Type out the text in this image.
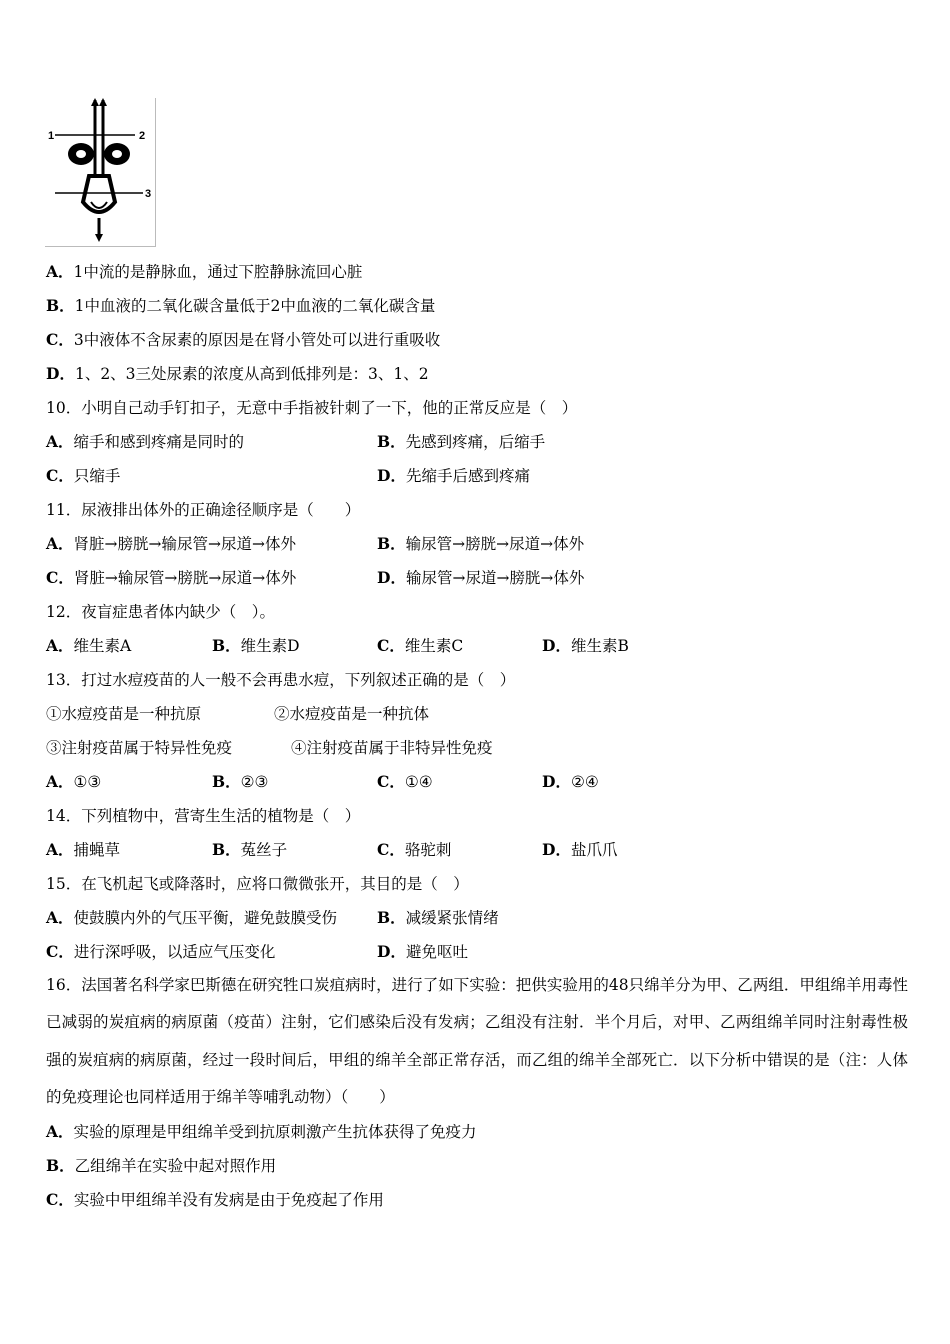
1	2
3
A．1中流的是静脉血，通过下腔静脉流回心脏
B．1中血液的二氧化碳含量低于2中血液的二氧化碳含量
C．3中液体不含尿素的原因是在肾小管处可以进行重吸收
D．1、2、3三处尿素的浓度从高到低排列是：3、1、2
10．小明自己动手钉扣子，无意中手指被针刺了一下，他的正常反应是（　）
A．缩手和感到疼痛是同时的	B．先感到疼痛，后缩手
C．只缩手	D．先缩手后感到疼痛
11．尿液排出体外的正确途径顺序是（　　）
A．肾脏→膀胱→输尿管→尿道→体外	B．输尿管→膀胱→尿道→体外
C．肾脏→输尿管→膀胱→尿道→体外	D．输尿管→尿道→膀胱→体外
12．夜盲症患者体内缺少（　）。
A．维生素A	B．维生素D	C．维生素C	D．维生素B
13．打过水痘疫苗的人一般不会再患水痘，下列叙述正确的是（　）
①水痘疫苗是一种抗原	②水痘疫苗是一种抗体
③注射疫苗属于特异性免疫	④注射疫苗属于非特异性免疫
A．①③	B．②③	C．①④	D．②④
14．下列植物中，营寄生生活的植物是（　）
A．捕蝇草	B．菟丝子	C．骆驼刺	D．盐爪爪
15．在飞机起飞或降落时，应将口微微张开，其目的是（　）
A．使鼓膜内外的气压平衡，避免鼓膜受伤	B．减缓紧张情绪
C．进行深呼吸，以适应气压变化	D．避免呕吐
16．法国著名科学家巴斯德在研究牲口炭疽病时，进行了如下实验：把供实验用的48只绵羊分为甲、乙两组．甲组绵羊用毒性已减弱的炭疽病的病原菌（疫苗）注射，它们感染后没有发病；乙组没有注射．半个月后，对甲、乙两组绵羊同时注射毒性极强的炭疽病的病原菌，经过一段时间后，甲组的绵羊全部正常存活，而乙组的绵羊全部死亡．以下分析中错误的是（注：人体的免疫理论也同样适用于绵羊等哺乳动物）（　　）
A．实验的原理是甲组绵羊受到抗原刺激产生抗体获得了免疫力
B．乙组绵羊在实验中起对照作用
C．实验中甲组绵羊没有发病是由于免疫起了作用
